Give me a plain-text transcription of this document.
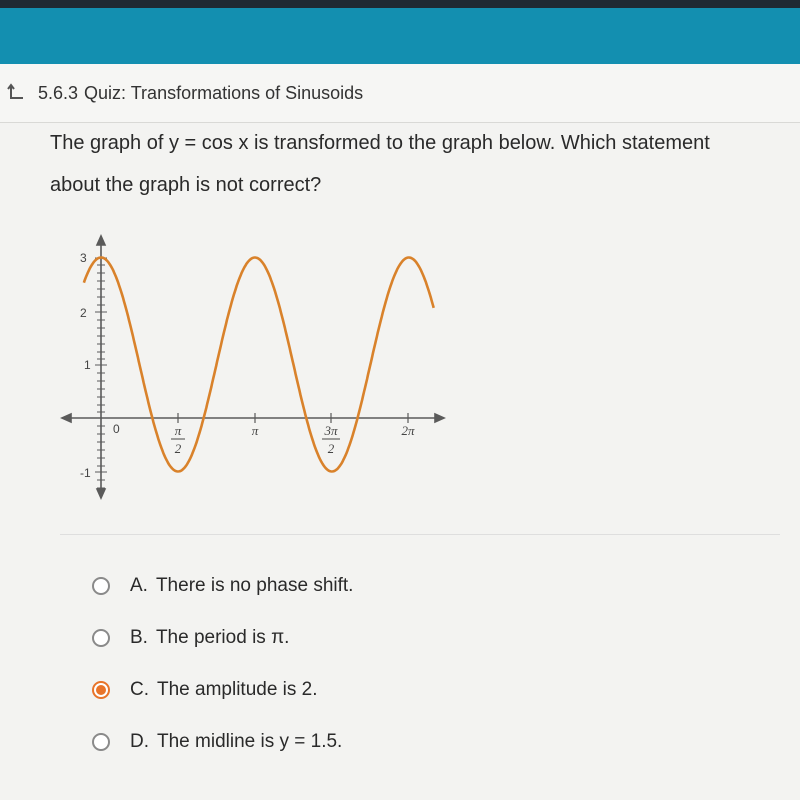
5.6.3 Quiz: Transformations of Sinusoids
The graph of y = cos x is transformed to the graph below. Which statement
about the graph is not correct?
3
2
1
0
-1
π
2
π	3π
2
2π
A. There is no phase shift.
B. The period is π.
C. The amplitude is 2.
D. The midline is y = 1.5.
